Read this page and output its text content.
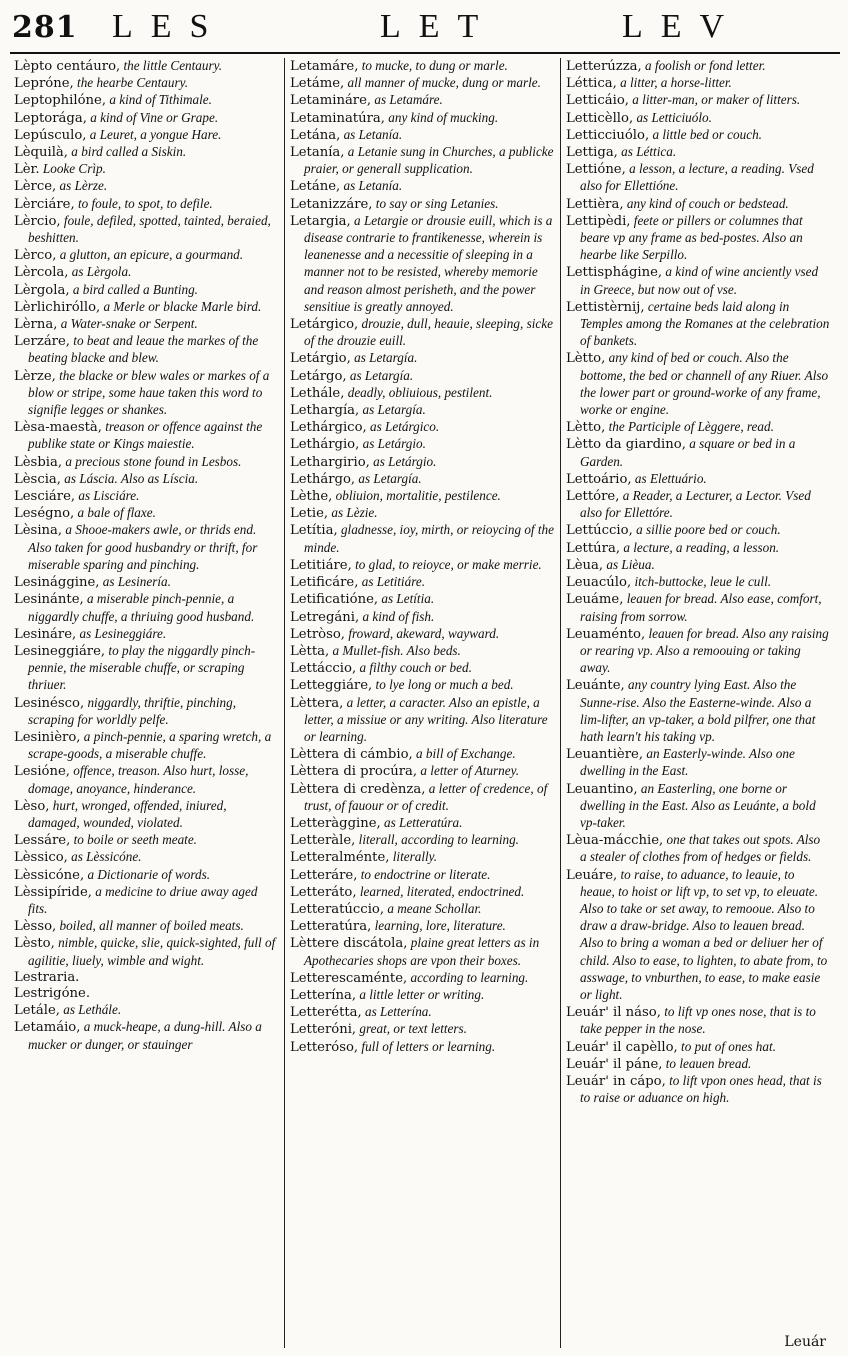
281 LES	LET	LEV

Lèpto centáuro, the little Centaury.

Lepróne, the hearbe Centaury.

Leptophilóne, a kind of Tithimale.

Leptorága, a kind of Vine or Grape.

Lepúsculo, a Leuret, a yongue Hare.

Lèquilà, a bird called a Siskin.

Lèr. Looke Crìp.

Lèrce, as Lèrze.

Lèrciáre, to foule, to spot, to defile.

Lèrcio, foule, defiled, spotted, tainted, beraied, beshitten.

Lèrco, a glutton, an epicure, a gourmand.

Lèrcola, as Lèrgola.

Lèrgola, a bird called a Bunting.

Lèrlichiróllo, a Merle or blacke Marle bird.

Lèrna, a Water-snake or Serpent.

Lerzáre, to beat and leaue the markes of the beating blacke and blew.

Lèrze, the blacke or blew wales or markes of a blow or stripe, some haue taken this word to signifie legges or shankes.

Lèsa-maestà, treason or offence against the publike state or Kings maiestie.

Lèsbia, a precious stone found in Lesbos.

Lèscia, as Láscia. Also as Líscia.

Lesciáre, as Lisciáre.

Leségno, a bale of flaxe.

Lèsina, a Shooe-makers awle, or thrids end. Also taken for good husbandry or thrift, for miserable sparing and pinching.

Lesinággine, as Lesinería.

Lesinánte, a miserable pinch-pennie, a niggardly chuffe, a thriuing good husband.

Lesináre, as Lesineggiáre.

Lesineggiáre, to play the niggardly pinch-pennie, the miserable chuffe, or scraping thriuer.

Lesinésco, niggardly, thriftie, pinching, scraping for worldly pelfe.

Lesinièro, a pinch-pennie, a sparing wretch, a scrape-goods, a miserable chuffe.

Lesióne, offence, treason. Also hurt, losse, domage, anoyance, hinderance.

Lèso, hurt, wronged, offended, iniured, damaged, wounded, violated.

Lessáre, to boile or seeth meate.

Lèssico, as Lèssicóne.

Lèssicóne, a Dictionarie of words.

Lèssipíride, a medicine to driue away aged fits.

Lèsso, boiled, all manner of boiled meats.

Lèsto, nimble, quicke, slie, quick-sighted, full of agilitie, liuely, wimble and wight.

Lestraria.

Lestrigóne.

Letále, as Lethále.

Letamáio, a muck-heape, a dung-hill. Also a mucker or dunger, or stauinger

Letamáre, to mucke, to dung or marle.

Letáme, all manner of mucke, dung or marle.

Letamináre, as Letamáre.

Letaminatúra, any kind of mucking.

Letána, as Letanía.

Letanía, a Letanie sung in Churches, a publicke praier, or generall supplication.

Letáne, as Letanía.

Letanizzáre, to say or sing Letanies.

Letargia, a Letargie or drousie euill, which is a disease contrarie to frantikenesse, wherein is leanenesse and a necessitie of sleeping in a manner not to be resisted, whereby memorie and reason almost perisheth, and the power sensitiue is greatly annoyed.

Letárgico, drouzie, dull, heauie, sleeping, sicke of the drouzie euill.

Letárgio, as Letargía.

Letárgo, as Letargía.

Lethále, deadly, obliuious, pestilent.

Lethargía, as Letargía.

Lethárgico, as Letárgico.

Lethárgio, as Letárgio.

Lethargirio, as Letárgio.

Lethárgo, as Letargía.

Lèthe, obliuion, mortalitie, pestilence.

Letie, as Lèzie.

Letítia, gladnesse, ioy, mirth, or reioycing of the minde.

Letitiáre, to glad, to reioyce, or make merrie.

Letificáre, as Letitiáre.

Letificatióne, as Letítia.

Letregáni, a kind of fish.

Letròso, froward, akeward, wayward.

Lètta, a Mullet-fish. Also beds.

Lettáccio, a filthy couch or bed.

Letteggiáre, to lye long or much a bed.

Lèttera, a letter, a caracter. Also an epistle, a letter, a missiue or any writing. Also literature or learning.

Lèttera di cámbio, a bill of Exchange.

Lèttera di procúra, a letter of Aturney.

Lèttera di credènza, a letter of credence, of trust, of fauour or of credit.

Letteràggine, as Letteratúra.

Letteràle, literall, according to learning.

Letteralménte, literally.

Letteráre, to endoctrine or literate.

Letteráto, learned, literated, endoctrined.

Letteratúccio, a meane Schollar.

Letteratúra, learning, lore, literature.

Lèttere discátola, plaine great letters as in Apothecaries shops are vpon their boxes.

Letterescaménte, according to learning.

Letterína, a little letter or writing.

Letterétta, as Letterína.

Letteróni, great, or text letters.

Letteróso, full of letters or learning.

Letterúzza, a foolish or fond letter.

Léttica, a litter, a horse-litter.

Letticáio, a litter-man, or maker of litters.

Letticèllo, as Letticiuólo.

Letticciuólo, a little bed or couch.

Lettiga, as Léttica.

Lettióne, a lesson, a lecture, a reading. Vsed also for Ellettióne.

Lettièra, any kind of couch or bedstead.

Lettipèdi, feete or pillers or columnes that beare vp any frame as bed-postes. Also an hearbe like Serpillo.

Lettisphágine, a kind of wine anciently vsed in Greece, but now out of vse.

Lettistèrnij, certaine beds laid along in Temples among the Romanes at the celebration of bankets.

Lètto, any kind of bed or couch. Also the bottome, the bed or channell of any Riuer. Also the lower part or ground-worke of any frame, worke or engine.

Lètto, the Participle of Lèggere, read.

Lètto da giardino, a square or bed in a Garden.

Lettoário, as Elettuário.

Lettóre, a Reader, a Lecturer, a Lector. Vsed also for Ellettóre.

Lettúccio, a sillie poore bed or couch.

Lettúra, a lecture, a reading, a lesson.

Lèua, as Lièua.

Leuacúlo, itch-buttocke, leue le cull.

Leuáme, leauen for bread. Also ease, comfort, raising from sorrow.

Leuaménto, leauen for bread. Also any raising or rearing vp. Also a remoouing or taking away.

Leuánte, any country lying East. Also the Sunne-rise. Also the Easterne-winde. Also a lim-lifter, an vp-taker, a bold pilfrer, one that hath learn't his taking vp.

Leuantière, an Easterly-winde. Also one dwelling in the East.

Leuantino, an Easterling, one borne or dwelling in the East. Also as Leuánte, a bold vp-taker.

Lèua-mácchie, one that takes out spots. Also a stealer of clothes from of hedges or fields.

Leuáre, to raise, to aduance, to leauie, to heaue, to hoist or lift vp, to set vp, to eleuate. Also to take or set away, to remooue. Also to draw a draw-bridge. Also to leauen bread. Also to bring a woman a bed or deliuer her of child. Also to ease, to lighten, to abate from, to asswage, to vnburthen, to ease, to make easie or light.

Leuár' il náso, to lift vp ones nose, that is to take pepper in the nose.

Leuár' il capèllo, to put of ones hat.

Leuár' il páne, to leauen bread.

Leuár' in cápo, to lift vpon ones head, that is to raise or aduance on high.

Leuár
